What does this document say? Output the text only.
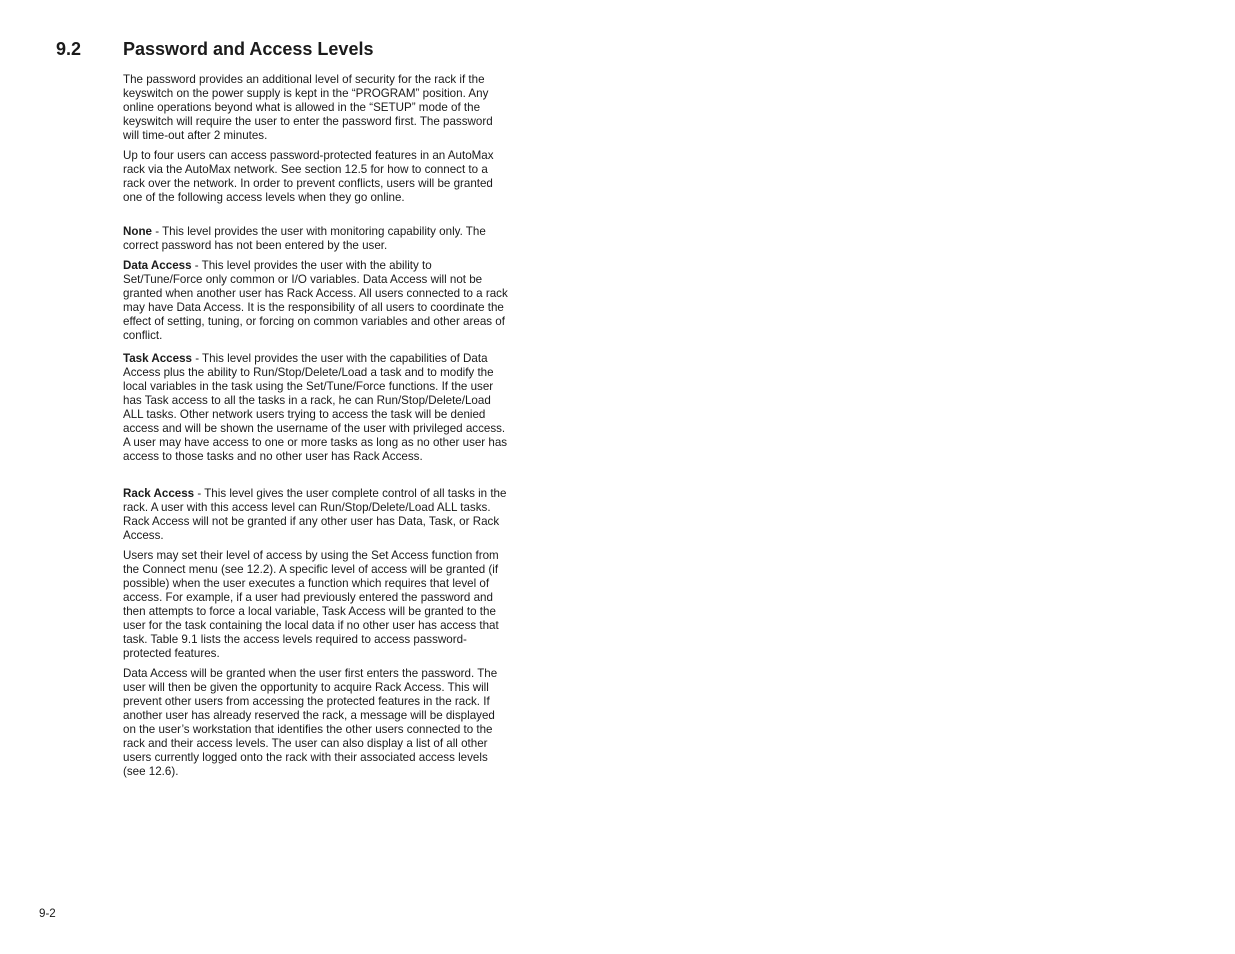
9.2 Password and Access Levels

The password provides an additional level of security for the rack if the keyswitch on the power supply is kept in the “PROGRAM” position. Any online operations beyond what is allowed in the “SETUP” mode of the keyswitch will require the user to enter the password first. The password will time-out after 2 minutes.

Up to four users can access password-protected features in an AutoMax rack via the AutoMax network. See section 12.5 for how to connect to a rack over the network. In order to prevent conflicts, users will be granted one of the following access levels when they go online.

None - This level provides the user with monitoring capability only. The correct password has not been entered by the user.

Data Access - This level provides the user with the ability to Set/Tune/Force only common or I/O variables. Data Access will not be granted when another user has Rack Access. All users connected to a rack may have Data Access. It is the responsibility of all users to coordinate the effect of setting, tuning, or forcing on common variables and other areas of conflict.

Task Access - This level provides the user with the capabilities of Data Access plus the ability to Run/Stop/Delete/Load a task and to modify the local variables in the task using the Set/Tune/Force functions. If the user has Task access to all the tasks in a rack, he can Run/Stop/Delete/Load ALL tasks. Other network users trying to access the task will be denied access and will be shown the username of the user with privileged access. A user may have access to one or more tasks as long as no other user has access to those tasks and no other user has Rack Access.

Rack Access - This level gives the user complete control of all tasks in the rack. A user with this access level can Run/Stop/Delete/Load ALL tasks. Rack Access will not be granted if any other user has Data, Task, or Rack Access.

Users may set their level of access by using the Set Access function from the Connect menu (see 12.2). A specific level of access will be granted (if possible) when the user executes a function which requires that level of access. For example, if a user had previously entered the password and then attempts to force a local variable, Task Access will be granted to the user for the task containing the local data if no other user has access that task. Table 9.1 lists the access levels required to access password-protected features.

Data Access will be granted when the user first enters the password. The user will then be given the opportunity to acquire Rack Access. This will prevent other users from accessing the protected features in the rack. If another user has already reserved the rack, a message will be displayed on the user’s workstation that identifies the other users connected to the rack and their access levels. The user can also display a list of all other users currently logged onto the rack with their associated access levels (see 12.6).

9-2
